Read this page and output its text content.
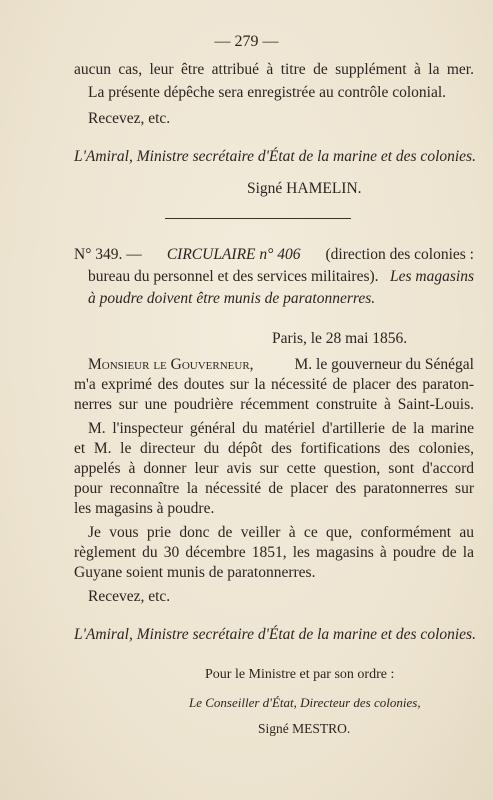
— 279 —
aucun cas, leur être attribué à titre de supplément à la mer.
La présente dépêche sera enregistrée au contrôle colonial.
Recevez, etc.
L'Amiral, Ministre secrétaire d'État de la marine et des colonies.
Signé HAMELIN.
N° 349. — CIRCULAIRE n° 406 (direction des colonies :
bureau du personnel et des services militaires). Les magasins
à poudre doivent être munis de paratonnerres.
Paris, le 28 mai 1856.
Monsieur le Gouverneur,	M. le gouverneur du Sénégal
m'a exprimé des doutes sur la nécessité de placer des paraton-
nerres sur une poudrière récemment construite à Saint-Louis.
M. l'inspecteur général du matériel d'artillerie de la marine
et M. le directeur du dépôt des fortifications des colonies,
appelés à donner leur avis sur cette question, sont d'accord
pour reconnaître la nécessité de placer des paratonnerres sur
les magasins à poudre.
Je vous prie donc de veiller à ce que, conformément au
règlement du 30 décembre 1851, les magasins à poudre de la
Guyane soient munis de paratonnerres.
Recevez, etc.
L'Amiral, Ministre secrétaire d'État de la marine et des colonies.
Pour le Ministre et par son ordre :
Le Conseiller d'État, Directeur des colonies,
Signé MESTRO.
